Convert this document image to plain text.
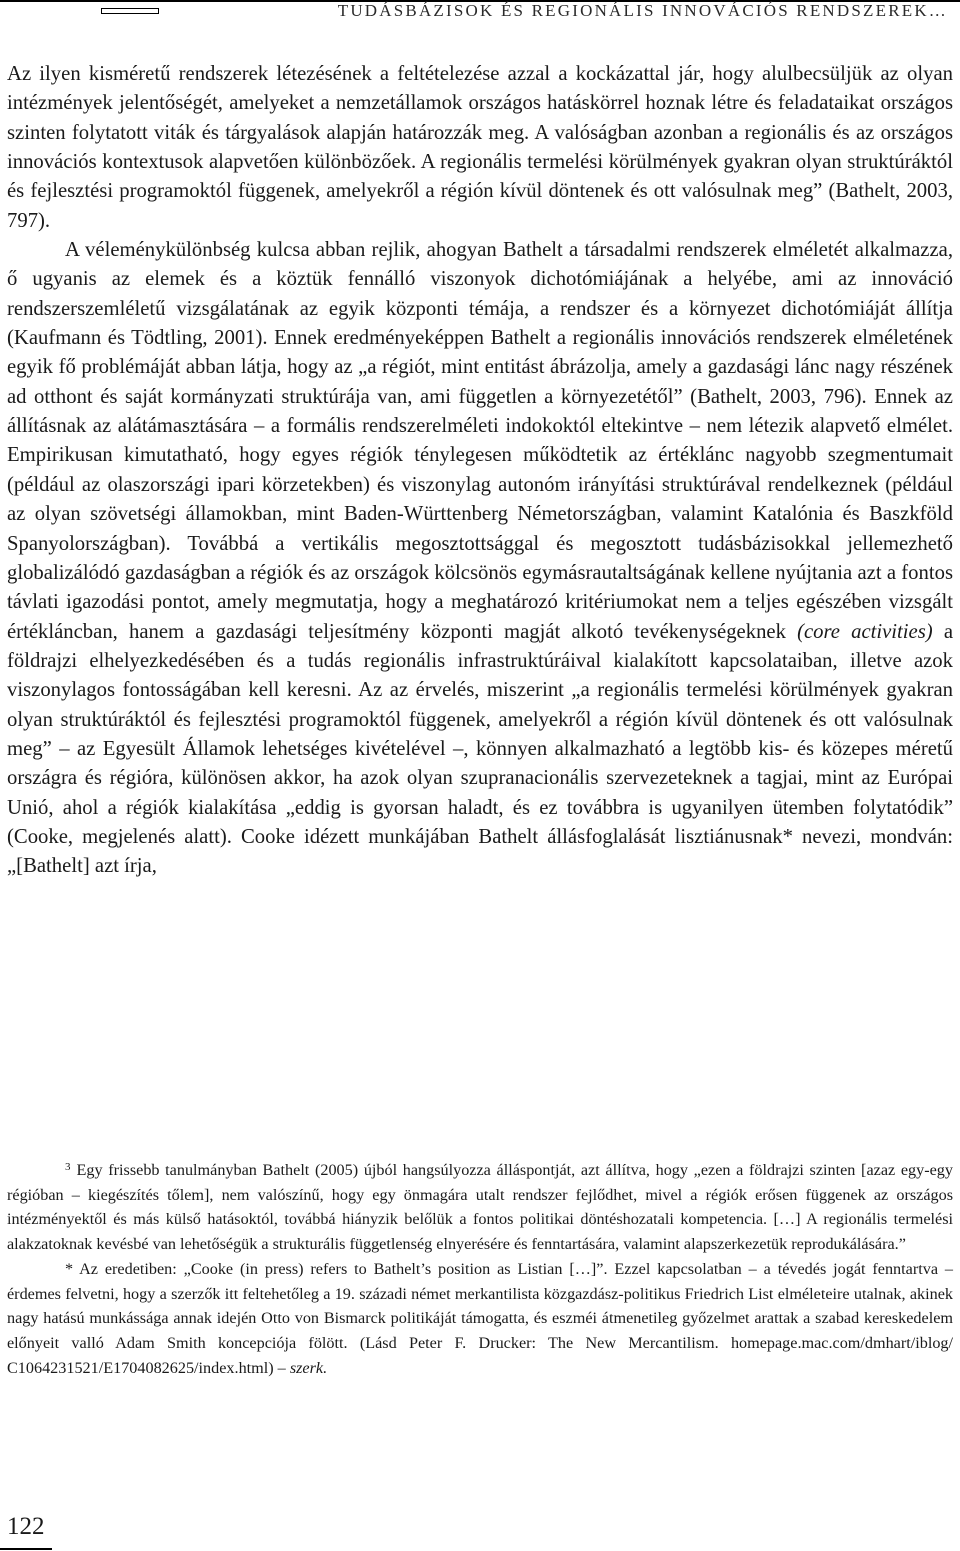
TUDÁSBÁZISOK ÉS REGIONÁLIS INNOVÁCIÓS RENDSZEREK…

Az ilyen kisméretű rendszerek létezésének a feltételezése azzal a kockázattal jár, hogy alulbecsüljük az olyan intézmények jelentőségét, amelyeket a nemzetállamok országos hatáskörrel hoznak létre és feladataikat országos szinten folytatott viták és tárgyalások alapján határozzák meg. A valóságban azonban a regionális és az országos innovációs kontextusok alapvetően különbözőek. A regionális termelési körülmények gyakran olyan struktúráktól és fejlesztési programoktól függenek, amelyekről a régión kívül döntenek és ott valósulnak meg” (Bathelt, 2003, 797).

A véleménykülönbség kulcsa abban rejlik, ahogyan Bathelt a társadalmi rendszerek elméletét alkalmazza, ő ugyanis az elemek és a köztük fennálló viszonyok dichotómiájának a helyébe, ami az innováció rendszerszemléletű vizsgálatának az egyik központi témája, a rendszer és a környezet dichotómiáját állítja (Kaufmann és Tödtling, 2001). Ennek eredményeképpen Bathelt a regionális innovációs rendszerek elméletének egyik fő problémáját abban látja, hogy az „a régiót, mint entitást ábrázolja, amely a gazdasági lánc nagy részének ad otthont és saját kormányzati struktúrája van, ami független a környezetétől” (Bathelt, 2003, 796). Ennek az állításnak az alátámasztására – a formális rendszerelméleti indokoktól eltekintve – nem létezik alapvető elmélet. Empirikusan kimutatható, hogy egyes régiók ténylegesen működtetik az értéklánc nagyobb szegmentumait (például az olaszországi ipari körzetekben) és viszonylag autonóm irányítási struktúrával rendelkeznek (például az olyan szövetségi államokban, mint Baden-Württenberg Németországban, valamint Katalónia és Baszkföld Spanyolországban). Továbbá a vertikális megosztottsággal és megosztott tudásbázisokkal jellemezhető globalizálódó gazdaságban a régiók és az országok kölcsönös egymásrautaltságának kellene nyújtania azt a fontos távlati igazodási pontot, amely megmutatja, hogy a meghatározó kritériumokat nem a teljes egészében vizsgált értékláncban, hanem a gazdasági teljesítmény központi magját alkotó tevékenységeknek (core activities) a földrajzi elhelyezkedésében és a tudás regionális infrastruktúráival kialakított kapcsolataiban, illetve azok viszonylagos fontosságában kell keresni. Az az érvelés, miszerint „a regionális termelési körülmények gyakran olyan struktúráktól és fejlesztési programoktól függenek, amelyekről a régión kívül döntenek és ott valósulnak meg” – az Egyesült Államok lehetséges kivételével –, könnyen alkalmazható a legtöbb kis- és közepes méretű országra és régióra, különösen akkor, ha azok olyan szupranacionális szervezeteknek a tagjai, mint az Európai Unió, ahol a régiók kialakítása „eddig is gyorsan haladt, és ez továbbra is ugyanilyen ütemben folytatódik” (Cooke, megjelenés alatt). Cooke idézett munkájában Bathelt állásfoglalását lisztiánusnak* nevezi, mondván: „[Bathelt] azt írja,

$^3$ Egy frissebb tanulmányban Bathelt (2005) újból hangsúlyozza álláspontját, azt állítva, hogy „ezen a földrajzi szinten [azaz egy-egy régióban – kiegészítés tőlem], nem valószínű, hogy egy önmagára utalt rendszer fejlődhet, mivel a régiók erősen függenek az országos intézményektől és más külső hatásoktól, továbbá hiányzik belőlük a fontos politikai döntéshozatali kompetencia. […] A regionális termelési alakzatoknak kevésbé van lehetőségük a strukturális függetlenség elnyerésére és fenntartására, valamint alapszerkezetük reprodukálására.”

* Az eredetiben: „Cooke (in press) refers to Bathelt’s position as Listian […]”. Ezzel kapcsolatban – a tévedés jogát fenntartva – érdemes felvetni, hogy a szerzők itt feltehetőleg a 19. századi német merkantilista közgazdász-politikus Friedrich List elméleteire utalnak, akinek nagy hatású munkássága annak idején Otto von Bismarck politikáját támogatta, és eszméi átmenetileg győzelmet arattak a szabad kereskedelem előnyeit valló Adam Smith koncepciója fölött. (Lásd Peter F. Drucker: The New Mercantilism. homepage.mac.com/dmhart/iblog/ C1064231521/E1704082625/index.html) – szerk.

122
